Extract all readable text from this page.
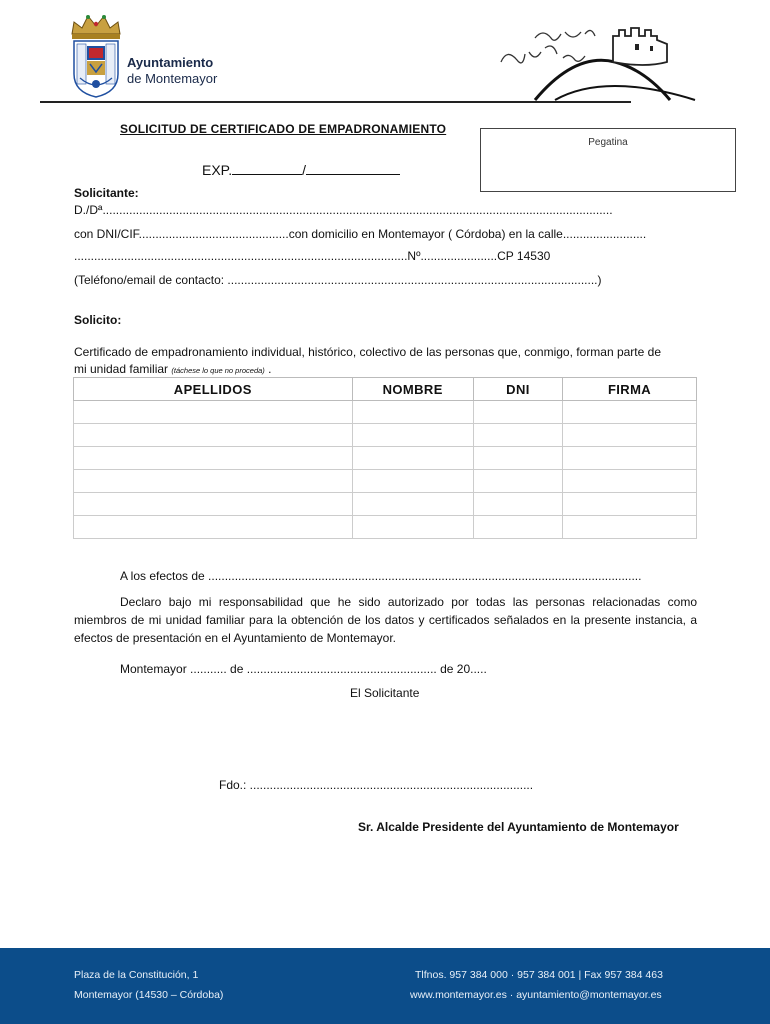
Ayuntamiento
de Montemayor
SOLICITUD DE CERTIFICADO DE EMPADRONAMIENTO
Pegatina
EXP.	/
Solicitante:
D./Dª.........................................................................................................................................................
con DNI/CIF.............................................con domicilio en Montemayor ( Córdoba) en la calle.........................
....................................................................................................Nº.......................CP 14530
(Teléfono/email de contacto: ...............................................................................................................)
Solicito:
Certificado de empadronamiento individual, histórico, colectivo de las personas que, conmigo, forman parte de
mi unidad familiar (táchese lo que no proceda) .
APELLIDOS	NOMBRE	DNI	FIRMA

A los efectos de ..................................................................................................................................
Declaro bajo mi responsabilidad que he sido autorizado por todas las personas relacionadas como miembros de mi unidad familiar para la obtención de los datos y certificados señalados en la presente instancia, a efectos de presentación en el Ayuntamiento de Montemayor.
Montemayor ........... de ......................................................... de 20.....
El Solicitante
Fdo.: .....................................................................................
Sr. Alcalde Presidente del Ayuntamiento de Montemayor
Plaza de la Constitución, 1
Montemayor (14530 – Córdoba)
Tlfnos. 957 384 000 · 957 384 001 | Fax 957 384 463
www.montemayor.es · ayuntamiento@montemayor.es
